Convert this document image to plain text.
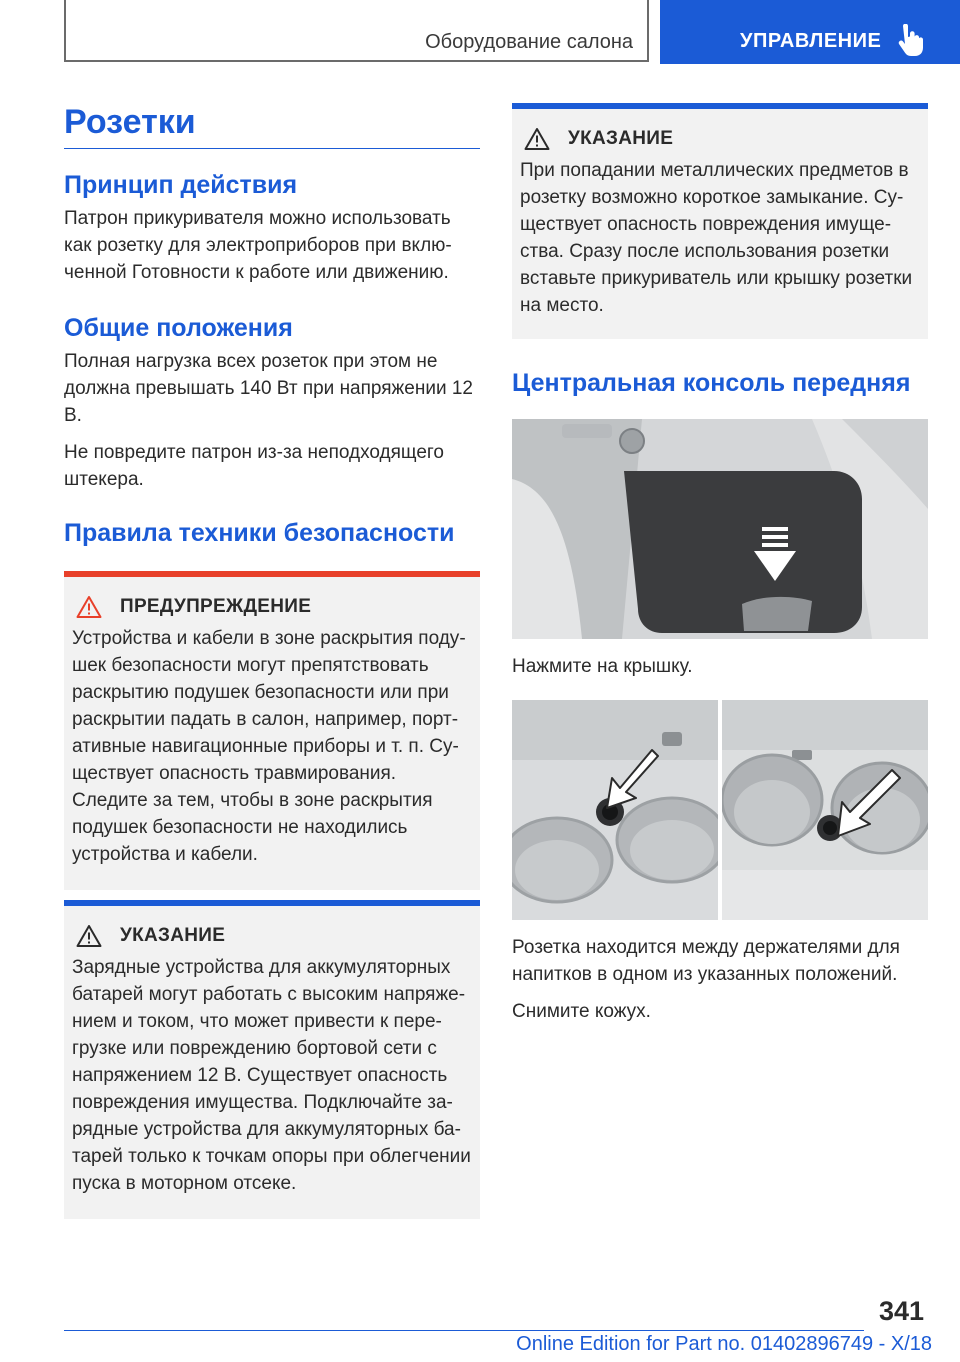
Оборудование салона	УПРАВЛЕНИЕ
Розетки
Принцип действия

Патрон прикуривателя можно использовать как розетку для электроприборов при включенной Готовности к работе или движению.

Общие положения

Полная нагрузка всех розеток при этом не должна превышать 140 Вт при напряжении 12 В.

Не повредите патрон из-за неподходящего штекера.

Правила техники безопасности
ПРЕДУПРЕЖДЕНИЕ

Устройства и кабели в зоне раскрытия подушек безопасности могут препятствовать раскрытию подушек безопасности или при раскрытии падать в салон, например, портативные навигационные приборы и т. п. Существует опасность травмирования. Следите за тем, чтобы в зоне раскрытия подушек безопасности не находились устройства и кабели.

УКАЗАНИЕ

Зарядные устройства для аккумуляторных батарей могут работать с высоким напряжением и током, что может привести к перегрузке или повреждению бортовой сети с напряжением 12 В. Существует опасность повреждения имущества. Подключайте зарядные устройства для аккумуляторных батарей только к точкам опоры при облегчении пуска в моторном отсеке.

УКАЗАНИЕ

При попадании металлических предметов в розетку возможно короткое замыкание. Существует опасность повреждения имущества. Сразу после использования розетки вставьте прикуриватель или крышку розетки на место.

Центральная консоль передняя

Нажмите на крышку.

Розетка находится между держателями для напитков в одном из указанных положений.

Снимите кожух.

341
Online Edition for Part no. 01402896749 - X/18
